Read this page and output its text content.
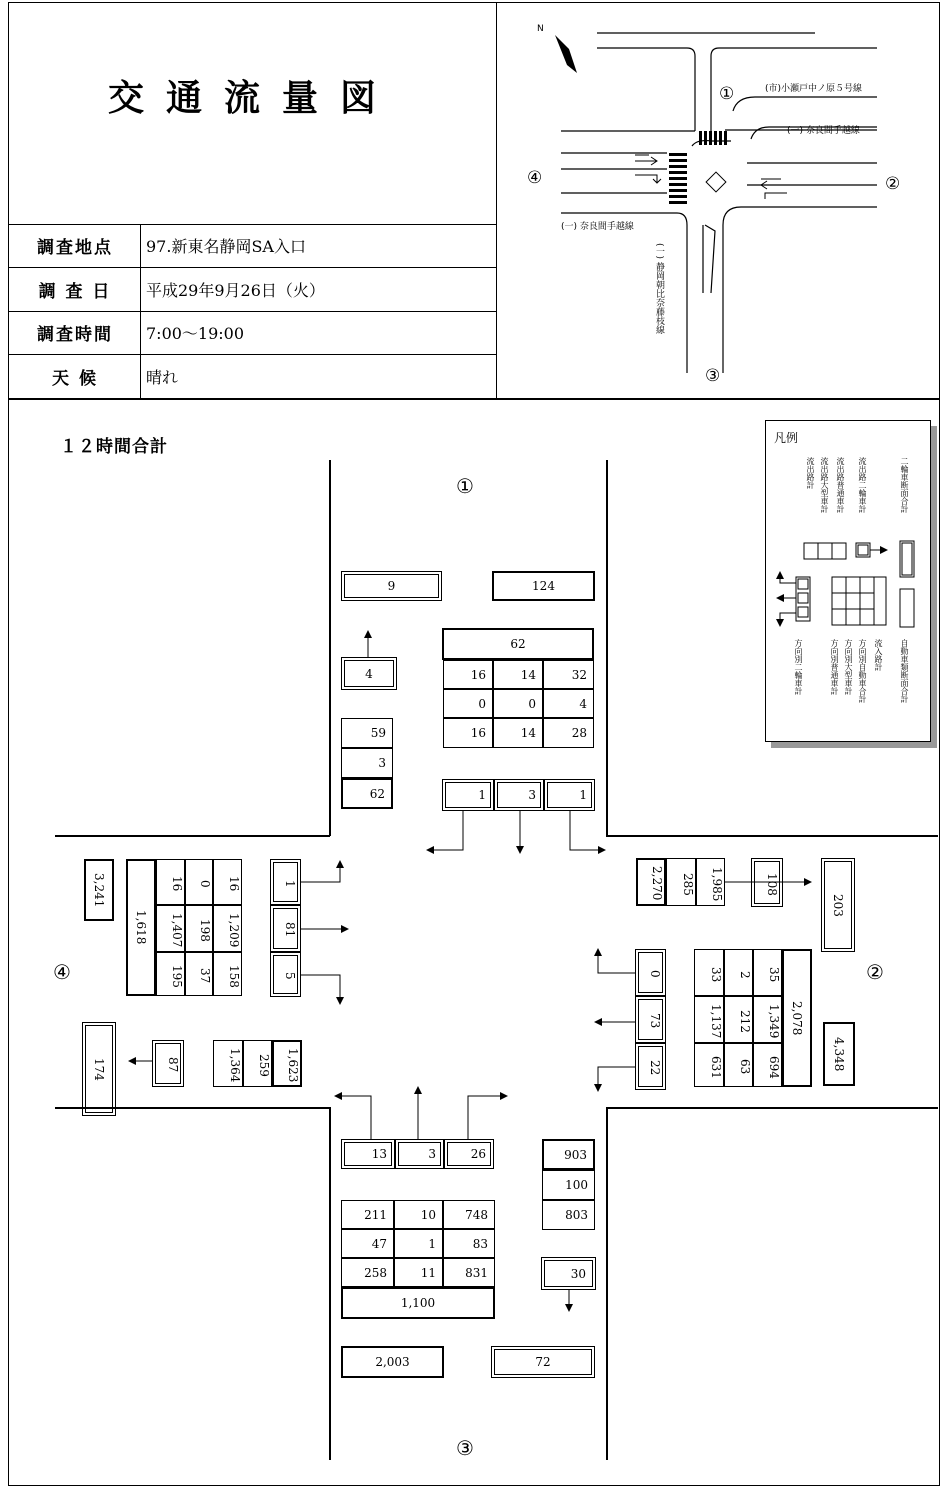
交通流量図
調査地点	97.新東名静岡SA入口
調 査 日	平成29年9月26日（火）
調査時間	7:00〜19:00
天 候	晴れ
N
①
②
③
④
(市)小瀬戸中ノ原５号線
(一) 奈良間手越線
(一) 奈良間手越線
(一) 静岡朝比奈藤枝線
１２時間合計
①
②
③
④
9	124
4
62
16	14	32
0	0	4
16	14	28
59
3
62	1	3	1
3,241
1,618
16	0	16
1,407	198	1,209
195	37	158
1
81
5
174	87	1,364	259	1,623
2,270	285	1,985	108
203
0
73
22
33	2	35
1,137	212	1,349
631	63	694
2,078
4,348
13	3	26	903
100
803
211	10	748
47	1	83
258	11	831	30
1,100
2,003	72
凡例
流出路計 流出路大型車計 流出路普通車計 流出路二輪車計	二輪車断面合計
方向別二輪車計	方向別普通車計 方向別大型車計 方向別自動車合計 流入路計 自動車類断面合計
